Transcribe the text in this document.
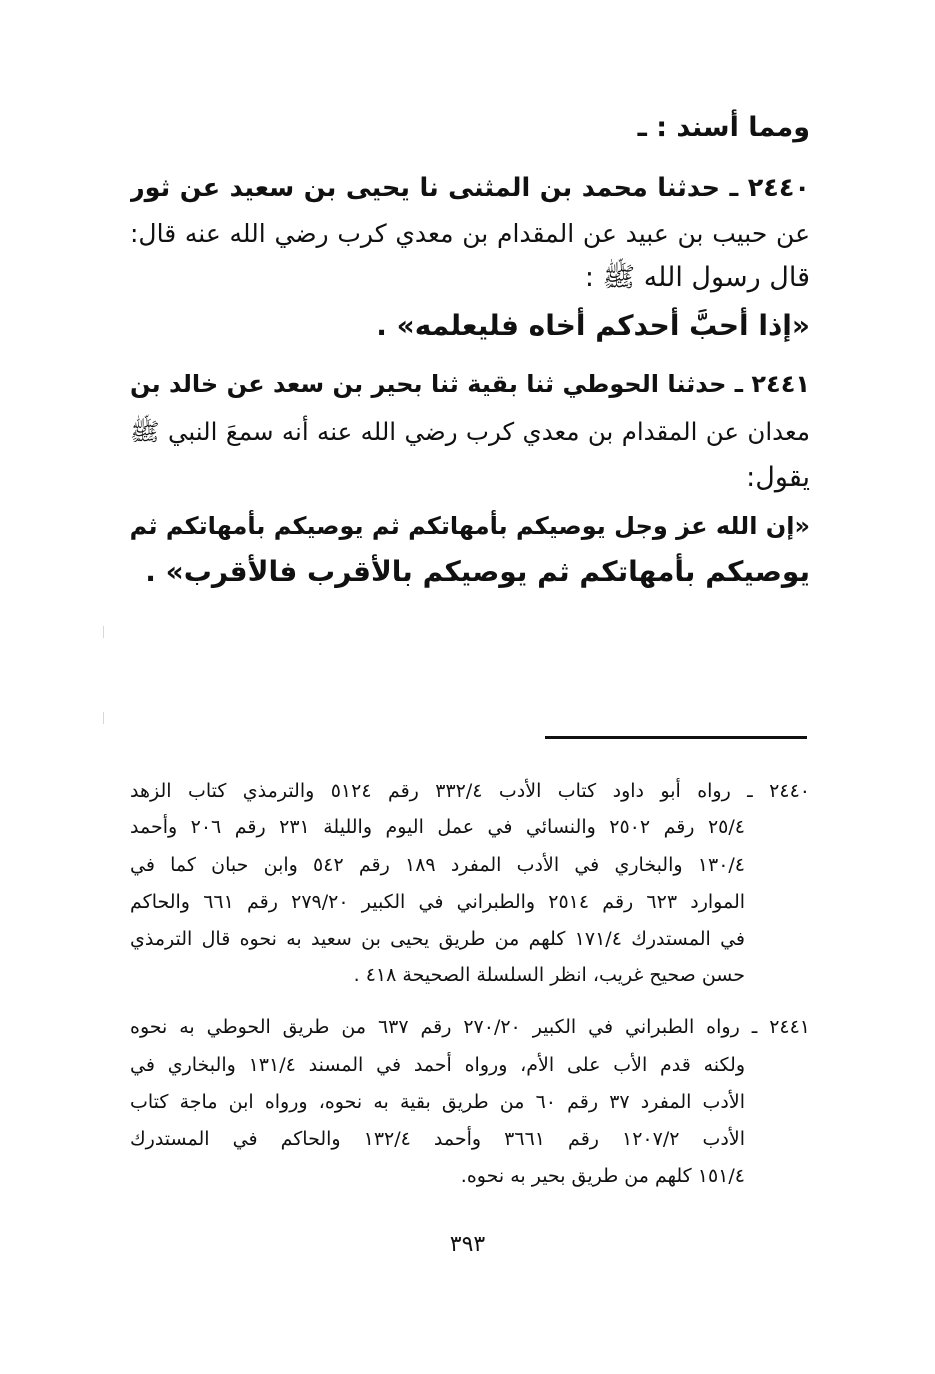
ومما أسند : ـ
٢٤٤٠ ـ حدثنا محمد بن المثنى نا يحيى بن سعيد عن ثور
عن حبيب بن عبيد عن المقدام بن معدي كرب رضي الله عنه قال:
قال رسول الله ﷺ :
«إذا أحبَّ أحدكم أخاه فليعلمه» .
٢٤٤١ ـ حدثنا الحوطي ثنا بقية ثنا بحير بن سعد عن خالد بن
معدان عن المقدام بن معدي كرب رضي الله عنه أنه سمعَ النبي ﷺ
يقول:
«إن الله عز وجل يوصيكم بأمهاتكم ثم يوصيكم بأمهاتكم ثم
يوصيكم بأمهاتكم ثم يوصيكم بالأقرب فالأقرب» .
٢٤٤٠ ـ رواه أبو داود كتاب الأدب ٣٣٢/٤ رقم ٥١٢٤ والترمذي كتاب الزهد
٢٥/٤ رقم ٢٥٠٢ والنسائي في عمل اليوم والليلة ٢٣١ رقم ٢٠٦ وأحمد
١٣٠/٤ والبخاري في الأدب المفرد ١٨٩ رقم ٥٤٢ وابن حبان كما في
الموارد ٦٢٣ رقم ٢٥١٤ والطبراني في الكبير ٢٧٩/٢٠ رقم ٦٦١ والحاكم
في المستدرك ١٧١/٤ كلهم من طريق يحيى بن سعيد به نحوه قال الترمذي
حسن صحيح غريب، انظر السلسلة الصحيحة ٤١٨ .
٢٤٤١ ـ رواه الطبراني في الكبير ٢٧٠/٢٠ رقم ٦٣٧ من طريق الحوطي به نحوه
ولكنه قدم الأب على الأم، ورواه أحمد في المسند ١٣١/٤ والبخاري في
الأدب المفرد ٣٧ رقم ٦٠ من طريق بقية به نحوه، ورواه ابن ماجة كتاب
الأدب ١٢٠٧/٢ رقم ٣٦٦١ وأحمد ١٣٢/٤ والحاكم في المستدرك
١٥١/٤ كلهم من طريق بحير به نحوه.
٣٩٣
